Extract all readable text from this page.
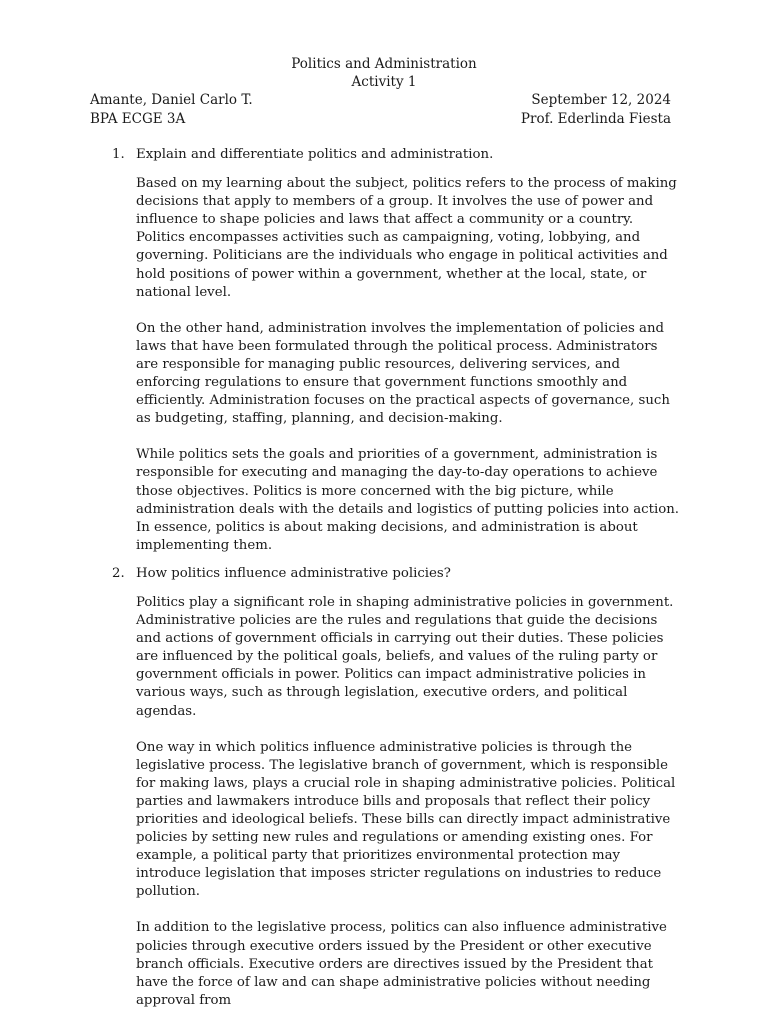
Politics and Administration
Activity 1
Amante, Daniel Carlo T.	September 12, 2024
BPA ECGE 3A	Prof. Ederlinda Fiesta
1. Explain and differentiate politics and administration.

Based on my learning about the subject, politics refers to the process of making decisions that apply to members of a group. It involves the use of power and influence to shape policies and laws that affect a community or a country. Politics encompasses activities such as campaigning, voting, lobbying, and governing. Politicians are the individuals who engage in political activities and hold positions of power within a government, whether at the local, state, or national level.

On the other hand, administration involves the implementation of policies and laws that have been formulated through the political process. Administrators are responsible for managing public resources, delivering services, and enforcing regulations to ensure that government functions smoothly and efficiently. Administration focuses on the practical aspects of governance, such as budgeting, staffing, planning, and decision-making.

While politics sets the goals and priorities of a government, administration is responsible for executing and managing the day-to-day operations to achieve those objectives. Politics is more concerned with the big picture, while administration deals with the details and logistics of putting policies into action. In essence, politics is about making decisions, and administration is about implementing them.

2. How politics influence administrative policies?

Politics play a significant role in shaping administrative policies in government. Administrative policies are the rules and regulations that guide the decisions and actions of government officials in carrying out their duties. These policies are influenced by the political goals, beliefs, and values of the ruling party or government officials in power. Politics can impact administrative policies in various ways, such as through legislation, executive orders, and political agendas.

One way in which politics influence administrative policies is through the legislative process. The legislative branch of government, which is responsible for making laws, plays a crucial role in shaping administrative policies. Political parties and lawmakers introduce bills and proposals that reflect their policy priorities and ideological beliefs. These bills can directly impact administrative policies by setting new rules and regulations or amending existing ones. For example, a political party that prioritizes environmental protection may introduce legislation that imposes stricter regulations on industries to reduce pollution.

In addition to the legislative process, politics can also influence administrative policies through executive orders issued by the President or other executive branch officials. Executive orders are directives issued by the President that have the force of law and can shape administrative policies without needing approval from
